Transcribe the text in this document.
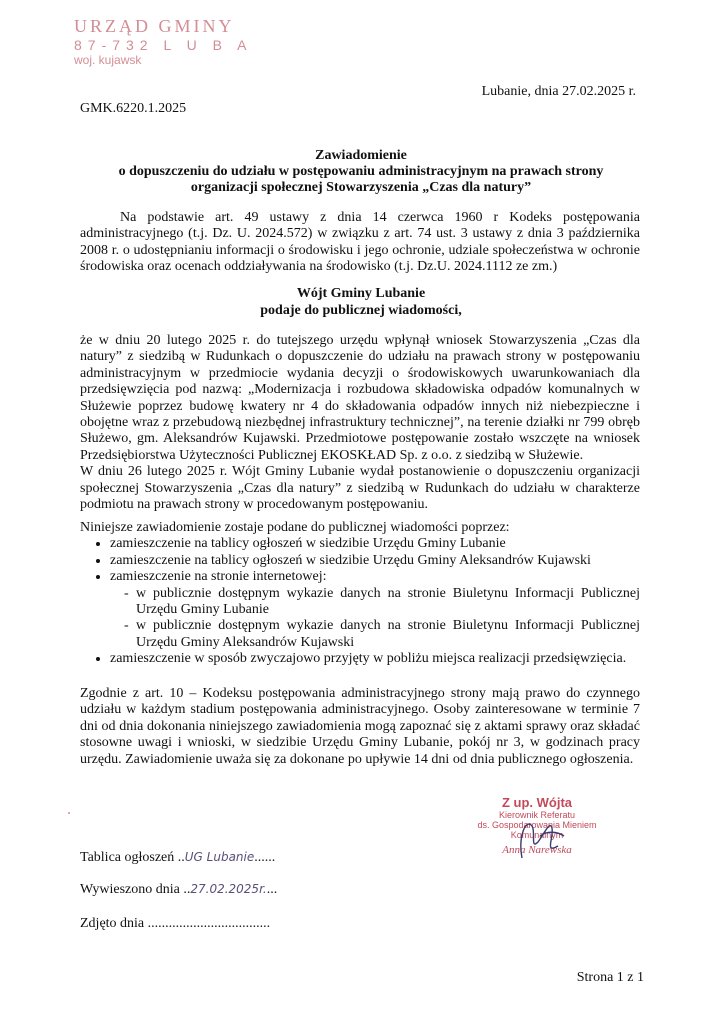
URZĄD GMINY
87-732 L U B A
woj. kujawsk
Lubanie, dnia 27.02.2025 r.
GMK.6220.1.2025
Zawiadomienie
o dopuszczeniu do udziału w postępowaniu administracyjnym na prawach strony
organizacji społecznej Stowarzyszenia „Czas dla natury”

Na podstawie art. 49 ustawy z dnia 14 czerwca 1960 r Kodeks postępowania administracyjnego (t.j. Dz. U. 2024.572) w związku z art. 74 ust. 3 ustawy z dnia 3 października 2008 r. o udostępnianiu informacji o środowisku i jego ochronie, udziale społeczeństwa w ochronie środowiska oraz ocenach oddziaływania na środowisko (t.j. Dz.U. 2024.1112 ze zm.)

Wójt Gminy Lubanie
podaje do publicznej wiadomości,

że w dniu 20 lutego 2025 r. do tutejszego urzędu wpłynął wniosek Stowarzyszenia „Czas dla natury” z siedzibą w Rudunkach o dopuszczenie do udziału na prawach strony w postępowaniu administracyjnym w przedmiocie wydania decyzji o środowiskowych uwarunkowaniach dla przedsięwzięcia pod nazwą: „Modernizacja i rozbudowa składowiska odpadów komunalnych w Służewie poprzez budowę kwatery nr 4 do składowania odpadów innych niż niebezpieczne i obojętne wraz z przebudową niezbędnej infrastruktury technicznej”, na terenie działki nr 799 obręb Służewo, gm. Aleksandrów Kujawski. Przedmiotowe postępowanie zostało wszczęte na wniosek Przedsiębiorstwa Użyteczności Publicznej EKOSKŁAD Sp. z o.o. z siedzibą w Służewie.

W dniu 26 lutego 2025 r. Wójt Gminy Lubanie wydał postanowienie o dopuszczeniu organizacji społecznej Stowarzyszenia „Czas dla natury” z siedzibą w Rudunkach do udziału w charakterze podmiotu na prawach strony w procedowanym postępowaniu.

Niniejsze zawiadomienie zostaje podane do publicznej wiadomości poprzez:

• zamieszczenie na tablicy ogłoszeń w siedzibie Urzędu Gminy Lubanie
• zamieszczenie na tablicy ogłoszeń w siedzibie Urzędu Gminy Aleksandrów Kujawski
• zamieszczenie na stronie internetowej:
- w publicznie dostępnym wykazie danych na stronie Biuletynu Informacji Publicznej Urzędu Gminy Lubanie
- w publicznie dostępnym wykazie danych na stronie Biuletynu Informacji Publicznej Urzędu Gminy Aleksandrów Kujawski
• zamieszczenie w sposób zwyczajowo przyjęty w pobliżu miejsca realizacji przedsięwzięcia.

Zgodnie z art. 10 – Kodeksu postępowania administracyjnego strony mają prawo do czynnego udziału w każdym stadium postępowania administracyjnego. Osoby zainteresowane w terminie 7 dni od dnia dokonania niniejszego zawiadomienia mogą zapoznać się z aktami sprawy oraz składać stosowne uwagi i wnioski, w siedzibie Urzędu Gminy Lubanie, pokój nr 3, w godzinach pracy urzędu. Zawiadomienie uważa się za dokonane po upływie 14 dni od dnia publicznego ogłoszenia.

Z up. Wójta
Kierownik Referatu
ds. Gospodarowania Mieniem Komunalnym
Anna Narewska
Tablica ogłoszeń ..UG Lubanie......
Wywieszono dnia ..27.02.2025r....
Zdjęto dnia ...................................
Strona 1 z 1
